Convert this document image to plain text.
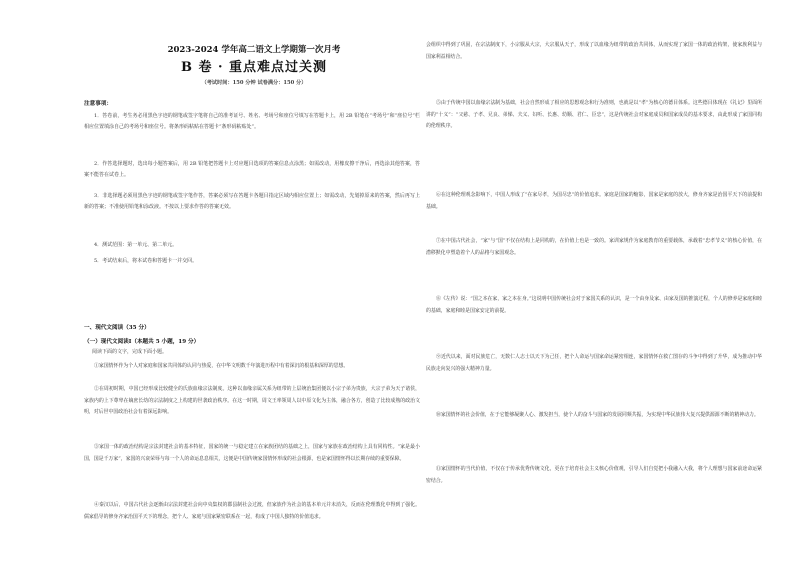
2023-2024 学年高二语文上学期第一次月考
B 卷 · 重点难点过关测
（考试时间：150 分钟 试卷满分：150 分）
注意事项：
1．答卷前，考生务必用黑色字迹的钢笔或签字笔将自己的准考证号、姓名、考场号和座位号填写在答题卡上，用 2B 铅笔在“考场号”和“座位号”栏相应位置填涂自己的考场号和座位号。将条形码粘贴在答题卡“条形码粘贴处”。
2．作答选择题时，选出每小题答案后，用 2B 铅笔把答题卡上对应题目选项的答案信息点涂黑；如需改动，用橡皮擦干净后，再选涂其他答案，答案不能答在试卷上。
3．非选择题必须用黑色字迹的钢笔或签字笔作答，答案必须写在答题卡各题目指定区域内相应位置上；如需改动，先划掉原来的答案，然后再写上新的答案；不准使用铅笔和涂改液。不按以上要求作答的答案无效。
4．测试范围：第一单元、第二单元。
5．考试结束后，将本试卷和答题卡一并交回。
一、现代文阅读（35 分）
（一）现代文阅读Ⅰ（本题共 5 小题，19 分）
阅读下面的文字，完成下面小题。
①家国情怀作为个人对家庭和国家共同体的认同与热爱，在中华文明数千年演进历程中有着深沉的根基和深厚的思想。
②在周初时期，中国已经形成比较健全的氏族血缘宗法制度。这种以血缘亲属关系为纽带的上层统治集团便以小宗子弟为贵族，大宗子弟为天子诸侯，家族内的上下尊卑在嫡庶长幼的宗法制度之上构建的世袭政治秩序。在这一时期，周文王率领周人以中原文化为主体，融合各方，创造了比较成熟的政治文明，对后世中国政治社会有着深远影响。
③家国一体的政治结构是宗法封建社会的基本特征，国家的统一与稳定建立在家族团结的基础之上，国家与家族在政治结构上具有同构性。“家是最小国，国是千万家”，家国的兴衰荣辱与每一个人的命运息息相关，这便是中国传统家国情怀形成的社会根源，也是家国情怀得以长期存续的重要保障。
④秦汉以后，中国古代社会逐渐由宗法封建社会向中央集权的郡县制社会过渡，但家族作为社会的基本单元并未消失，反而在伦理教化中得到了强化。儒家倡导的修身齐家治国平天下的理念，把个人、家庭与国家紧密联系在一起，构成了中国人独特的价值追求。
会组织中得到了巩固，在宗法制度下，小宗服从大宗，大宗服从天子，形成了以血缘为纽带的政治共同体，从而实现了家国一体的政治构架，使家族利益与国家利益相结合。
⑤由于传统中国以血缘宗法制为基础，社会自然形成了相应的思想观念和行为准则，也就是以“孝”为核心的德目体系。这些德目体现在《礼记》里面所讲的“十义”：“父慈、子孝、兄良、弟悌、夫义、妇听、长惠、幼顺、君仁、臣忠”，这是传统社会对家庭成员和国家成员的基本要求，由此形成了家国同构的伦理秩序。
⑥在这种伦理观念影响下，中国人形成了“在家尽孝，为国尽忠”的价值追求。家庭是国家的缩影，国家是家庭的放大，修身齐家是治国平天下的前提和基础。
⑦在中国古代社会，“家”与“国”不仅在结构上是同构的，在价值上也是一致的。家训家规作为家庭教育的重要载体，承载着“忠孝节义”的核心价值，在潜移默化中塑造着个人的品格与家国观念。
⑧《左传》说：“国之本在家，家之本在身。”这说明中国传统社会对于家国关系的认识，是一个由身及家、由家及国的推演过程，个人的修养是家庭和睦的基础，家庭和睦是国家安定的前提。
⑨近代以来，面对民族危亡，无数仁人志士以天下为己任，把个人命运与国家命运紧密相连，家国情怀在救亡图存的斗争中得到了升华，成为推动中华民族走向复兴的强大精神力量。
⑩家国情怀的社会价值，在于它能够凝聚人心、激发担当，使个人的奋斗与国家的发展同频共振，为实现中华民族伟大复兴提供源源不断的精神动力。
⑪家国情怀的当代价值，不仅在于传承优秀传统文化，更在于培育社会主义核心价值观，引导人们自觉把小我融入大我，将个人理想与国家前途命运紧密结合。
